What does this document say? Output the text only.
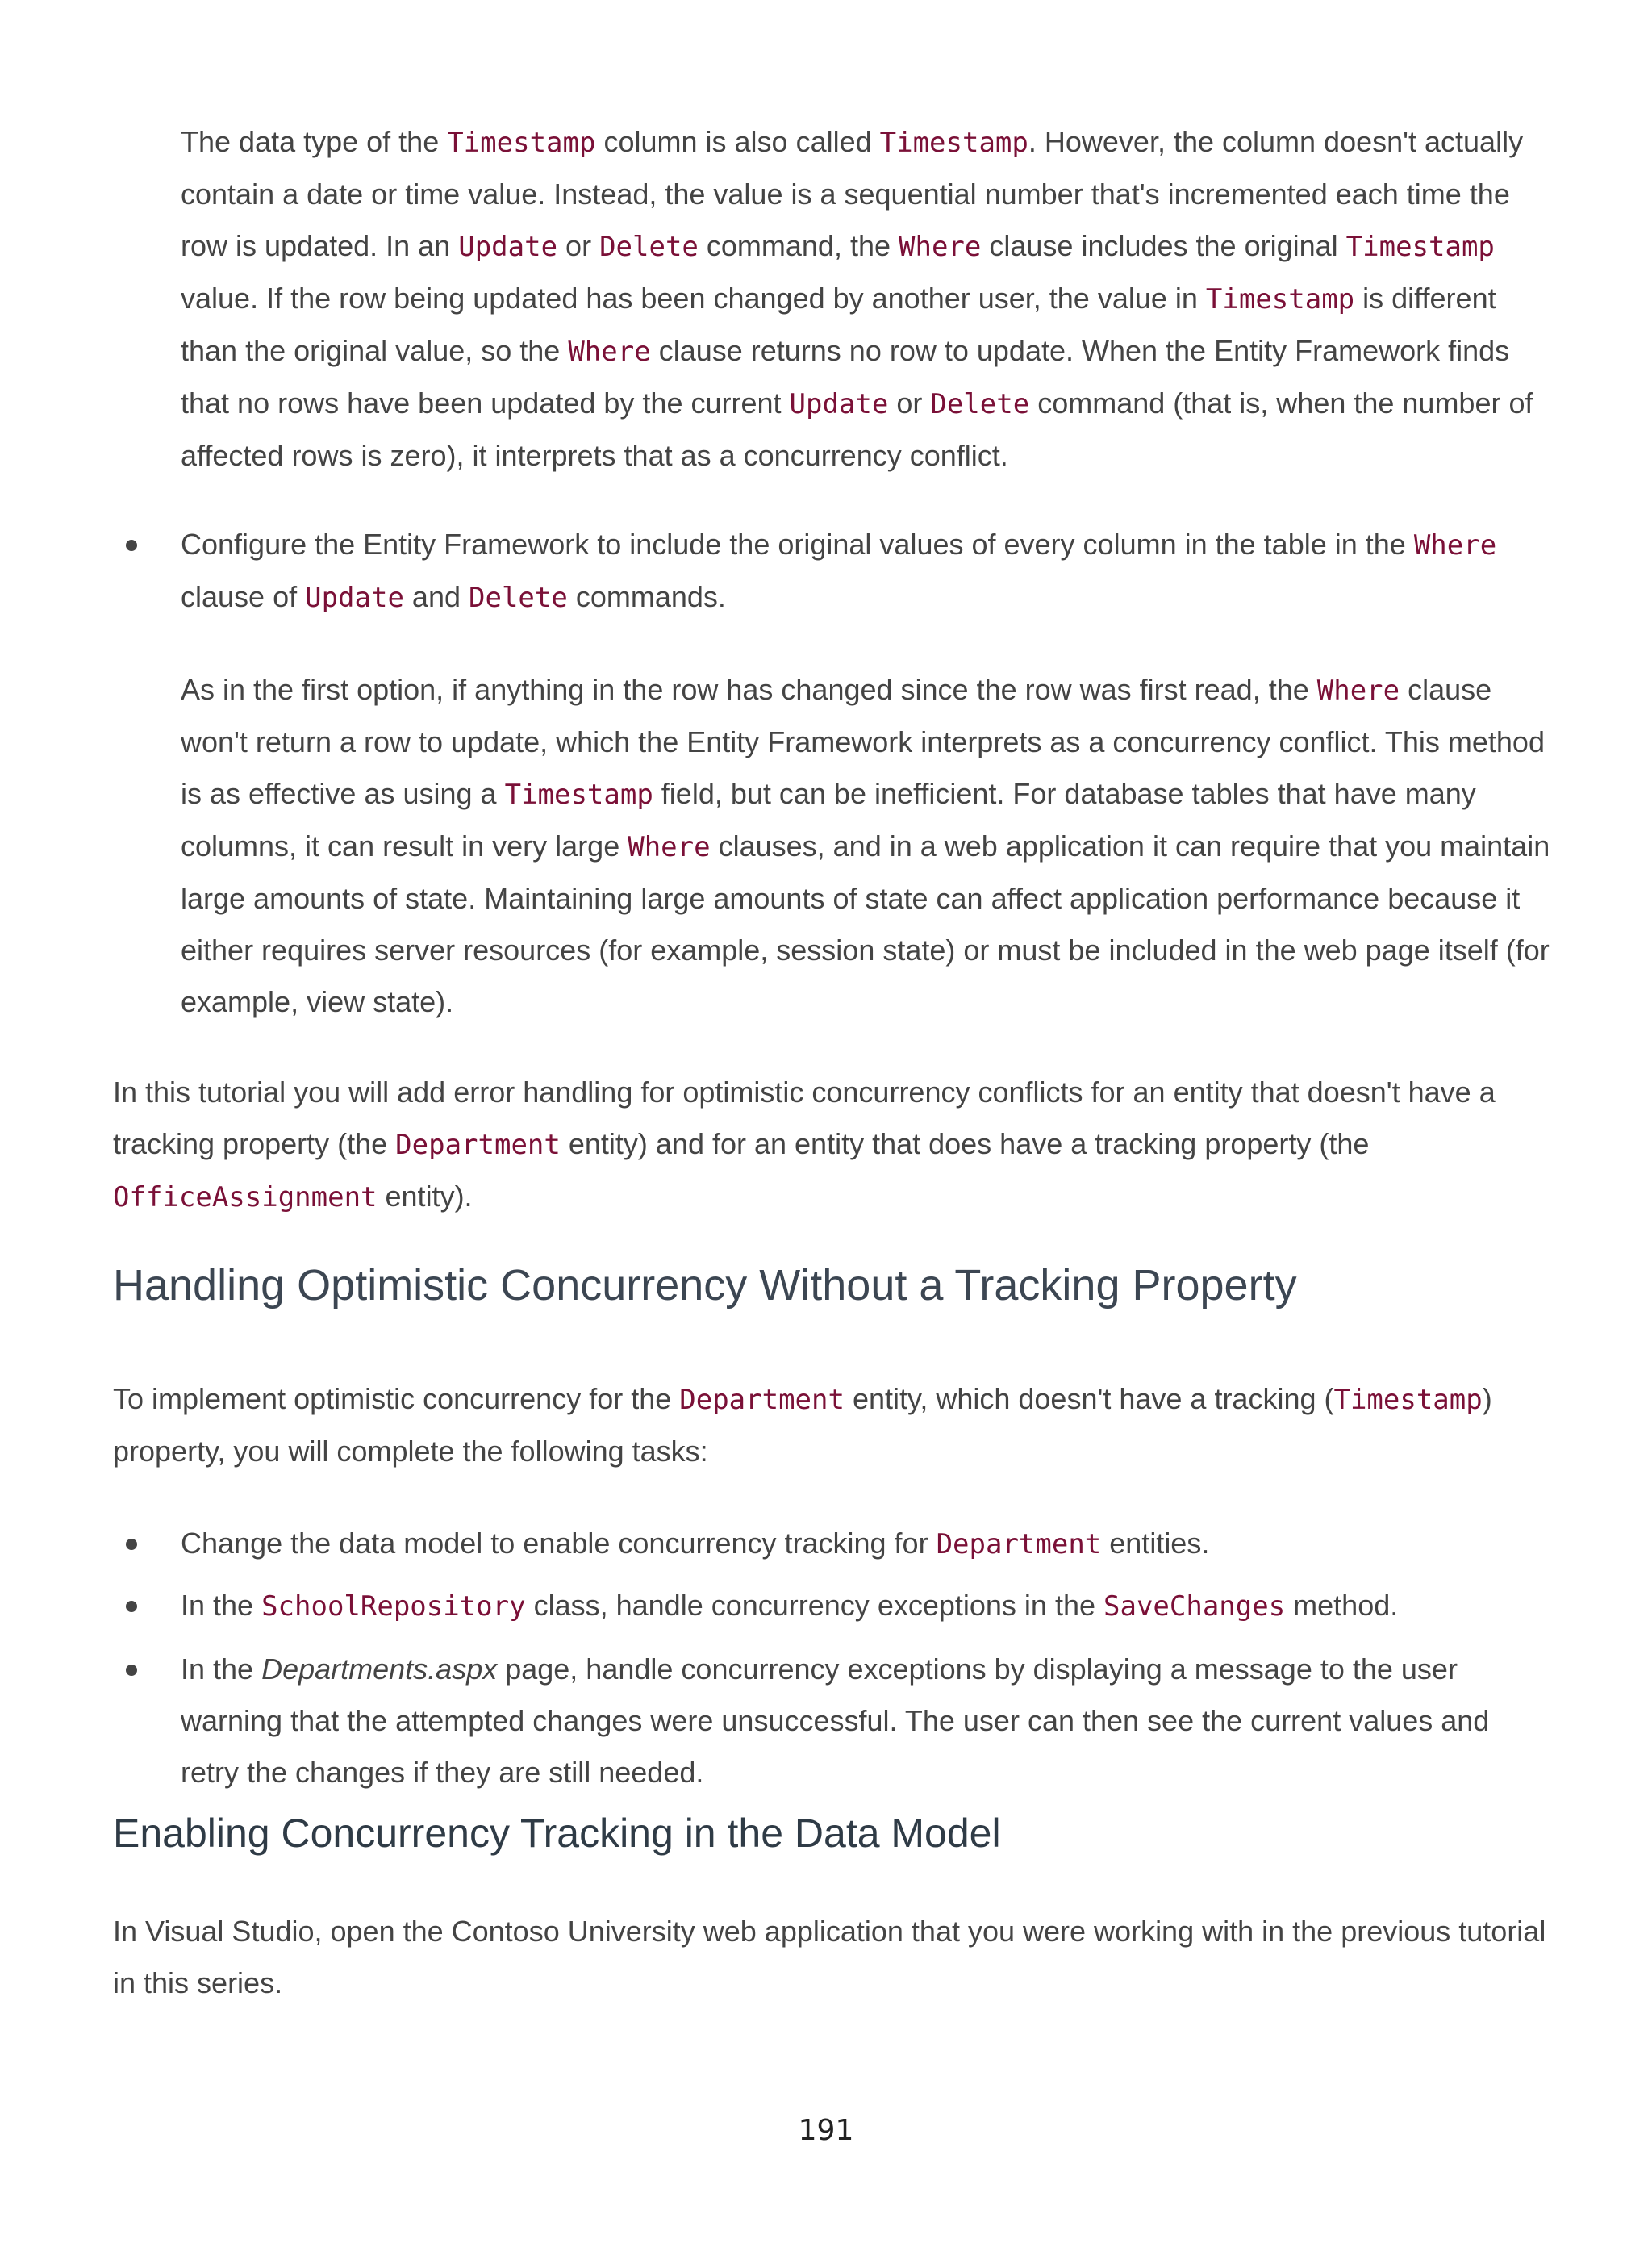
The data type of the Timestamp column is also called Timestamp. However, the column doesn't actually contain a date or time value. Instead, the value is a sequential number that's incremented each time the row is updated. In an Update or Delete command, the Where clause includes the original Timestamp value. If the row being updated has been changed by another user, the value in Timestamp is different than the original value, so the Where clause returns no row to update. When the Entity Framework finds that no rows have been updated by the current Update or Delete command (that is, when the number of affected rows is zero), it interprets that as a concurrency conflict.

Configure the Entity Framework to include the original values of every column in the table in the Where clause of Update and Delete commands.

As in the first option, if anything in the row has changed since the row was first read, the Where clause won't return a row to update, which the Entity Framework interprets as a concurrency conflict. This method is as effective as using a Timestamp field, but can be inefficient. For database tables that have many columns, it can result in very large Where clauses, and in a web application it can require that you maintain large amounts of state. Maintaining large amounts of state can affect application performance because it either requires server resources (for example, session state) or must be included in the web page itself (for example, view state).

In this tutorial you will add error handling for optimistic concurrency conflicts for an entity that doesn't have a tracking property (the Department entity) and for an entity that does have a tracking property (the OfficeAssignment entity).

Handling Optimistic Concurrency Without a Tracking Property

To implement optimistic concurrency for the Department entity, which doesn't have a tracking (Timestamp) property, you will complete the following tasks:

Change the data model to enable concurrency tracking for Department entities.

In the SchoolRepository class, handle concurrency exceptions in the SaveChanges method.

In the Departments.aspx page, handle concurrency exceptions by displaying a message to the user warning that the attempted changes were unsuccessful. The user can then see the current values and retry the changes if they are still needed.

Enabling Concurrency Tracking in the Data Model

In Visual Studio, open the Contoso University web application that you were working with in the previous tutorial in this series.

191
